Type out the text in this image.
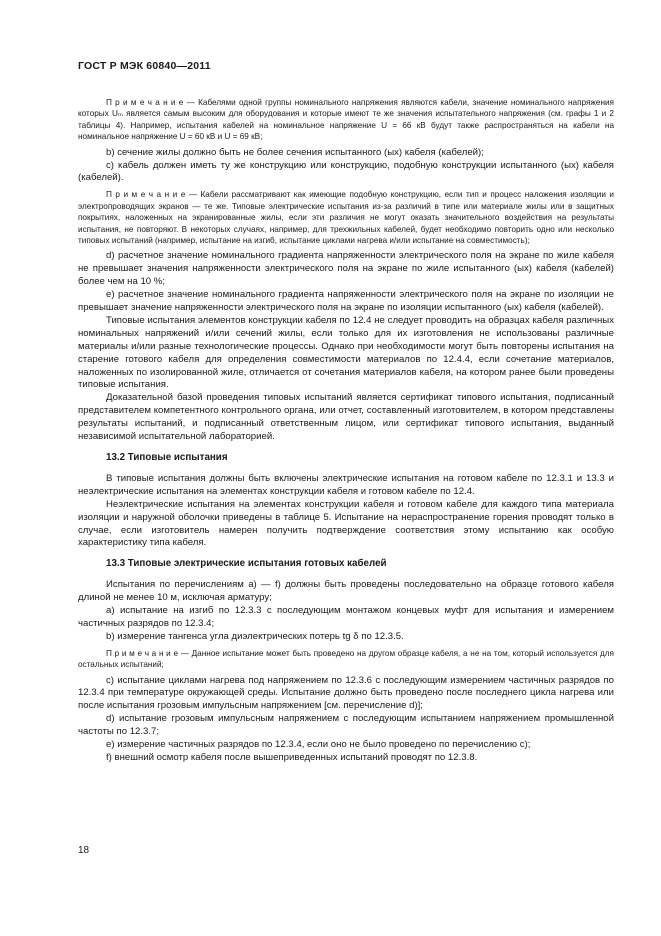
ГОСТ Р МЭК 60840—2011

П р и м е ч а н и е — Кабелями одной группы номинального напряжения являются кабели, значение номинального напряжения которых Uₘ является самым высоким для оборудования и которые имеют те же значения испытательного напряжения (см. графы 1 и 2 таблицы 4). Например, испытания кабелей на номинальное напряжение U = 66 кВ будут также распространяться на кабели на номинальное напряжение U = 60 кВ и U = 69 кВ;

b) сечение жилы должно быть не более сечения испытанного (ых) кабеля (кабелей);

c) кабель должен иметь ту же конструкцию или конструкцию, подобную конструкции испытанного (ых) кабеля (кабелей).

П р и м е ч а н и е — Кабели рассматривают как имеющие подобную конструкцию, если тип и процесс наложения изоляции и электропроводящих экранов — те же. Типовые электрические испытания из-за различий в типе или материале жилы или в защитных покрытиях, наложенных на экранированные жилы, если эти различия не могут оказать значительного воздействия на результаты испытания, не повторяют. В некоторых случаях, например, для трехжильных кабелей, будет необходимо повторить одно или несколько типовых испытаний (например, испытание на изгиб, испытание циклами нагрева и/или испытание на совместимость);

d) расчетное значение номинального градиента напряженности электрического поля на экране по жиле кабеля не превышает значения напряженности электрического поля на экране по жиле испытанного (ых) кабеля (кабелей) более чем на 10 %;

e) расчетное значение номинального градиента напряженности электрического поля на экране по изоляции не превышает значение напряженности электрического поля на экране по изоляции испытанного (ых) кабеля (кабелей).

Типовые испытания элементов конструкции кабеля по 12.4 не следует проводить на образцах кабеля различных номинальных напряжений и/или сечений жилы, если только для их изготовления не использованы различные материалы и/или разные технологические процессы. Однако при необходимости могут быть повторены испытания на старение готового кабеля для определения совместимости материалов по 12.4.4, если сочетание материалов, наложенных по изолированной жиле, отличается от сочетания материалов кабеля, на котором ранее были проведены типовые испытания.

Доказательной базой проведения типовых испытаний является сертификат типового испытания, подписанный представителем компетентного контрольного органа, или отчет, составленный изготовителем, в котором представлены результаты испытаний, и подписанный ответственным лицом, или сертификат типового испытания, выданный независимой испытательной лабораторией.

13.2 Типовые испытания

В типовые испытания должны быть включены электрические испытания на готовом кабеле по 12.3.1 и 13.3 и неэлектрические испытания на элементах конструкции кабеля и готовом кабеле по 12.4.

Неэлектрические испытания на элементах конструкции кабеля и готовом кабеле для каждого типа материала изоляции и наружной оболочки приведены в таблице 5. Испытание на нераспространение горения проводят только в случае, если изготовитель намерен получить подтверждение соответствия этому испытанию как особую характеристику типа кабеля.

13.3 Типовые электрические испытания готовых кабелей

Испытания по перечислениям a) — f) должны быть проведены последовательно на образце готового кабеля длиной не менее 10 м, исключая арматуру;

a) испытание на изгиб по 12.3.3 с последующим монтажом концевых муфт для испытания и измерением частичных разрядов по 12.3.4;

b) измерение тангенса угла диэлектрических потерь tg δ по 12.3.5.

П р и м е ч а н и е — Данное испытание может быть проведено на другом образце кабеля, а не на том, который используется для остальных испытаний;

c) испытание циклами нагрева под напряжением по 12.3.6 с последующим измерением частичных разрядов по 12.3.4 при температуре окружающей среды. Испытание должно быть проведено после последнего цикла нагрева или после испытания грозовым импульсным напряжением [см. перечисление d)];

d) испытание грозовым импульсным напряжением с последующим испытанием напряжением промышленной частоты по 12.3.7;

e) измерение частичных разрядов по 12.3.4, если оно не было проведено по перечислению c);

f) внешний осмотр кабеля после вышеприведенных испытаний проводят по 12.3.8.

18
